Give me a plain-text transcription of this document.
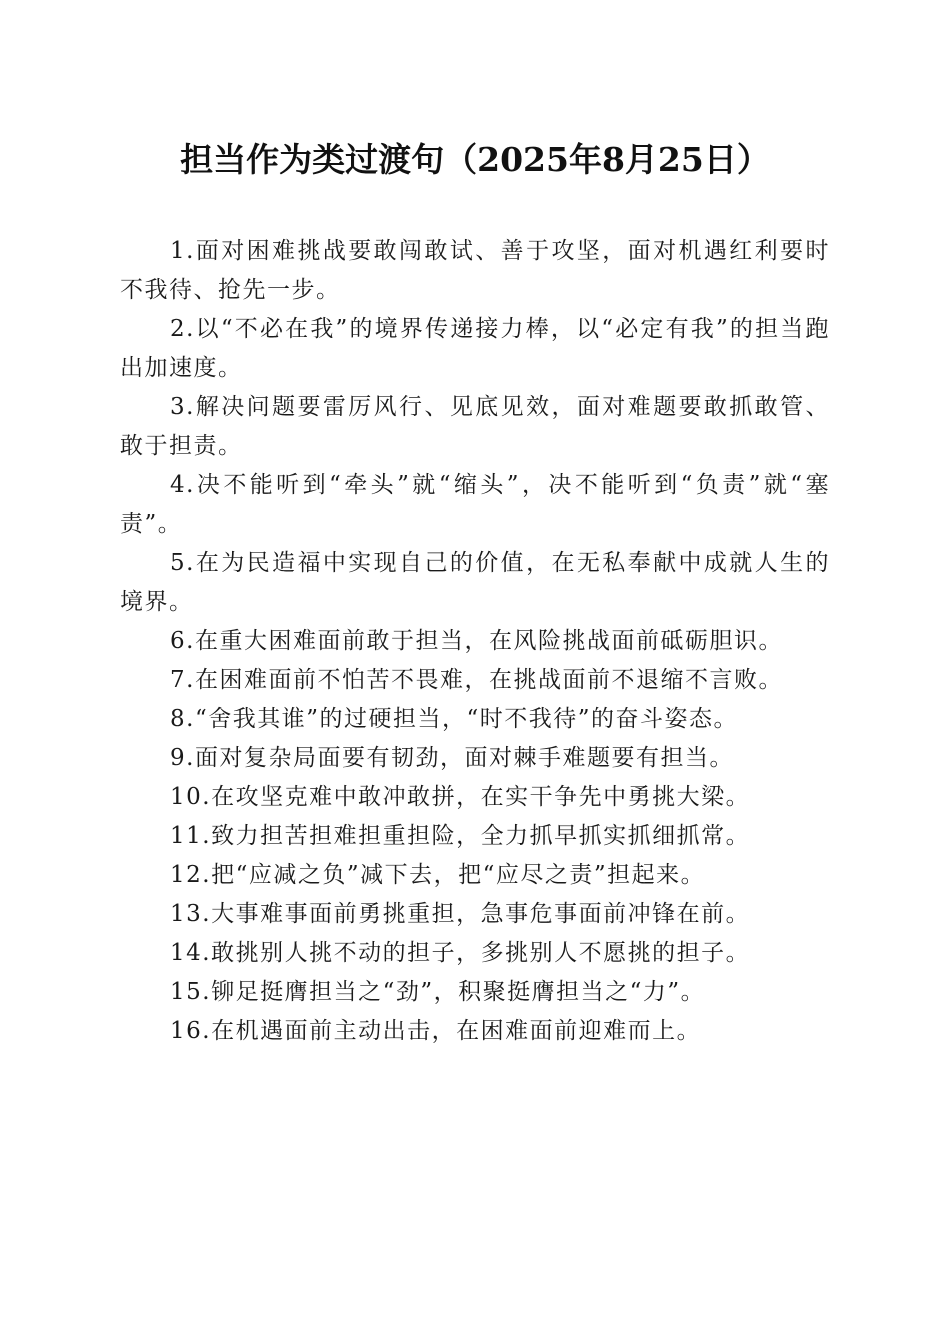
担当作为类过渡句（2025年8月25日）

1.面对困难挑战要敢闯敢试、善于攻坚，面对机遇红利要时不我待、抢先一步。

2.以“不必在我”的境界传递接力棒，以“必定有我”的担当跑出加速度。

3.解决问题要雷厉风行、见底见效，面对难题要敢抓敢管、敢于担责。

4.决不能听到“牵头”就“缩头”，决不能听到“负责”就“塞责”。

5.在为民造福中实现自己的价值，在无私奉献中成就人生的境界。

6.在重大困难面前敢于担当，在风险挑战面前砥砺胆识。

7.在困难面前不怕苦不畏难，在挑战面前不退缩不言败。

8.“舍我其谁”的过硬担当，“时不我待”的奋斗姿态。

9.面对复杂局面要有韧劲，面对棘手难题要有担当。

10.在攻坚克难中敢冲敢拼，在实干争先中勇挑大梁。

11.致力担苦担难担重担险，全力抓早抓实抓细抓常。

12.把“应减之负”减下去，把“应尽之责”担起来。

13.大事难事面前勇挑重担，急事危事面前冲锋在前。

14.敢挑别人挑不动的担子，多挑别人不愿挑的担子。

15.铆足挺膺担当之“劲”，积聚挺膺担当之“力”。

16.在机遇面前主动出击，在困难面前迎难而上。
